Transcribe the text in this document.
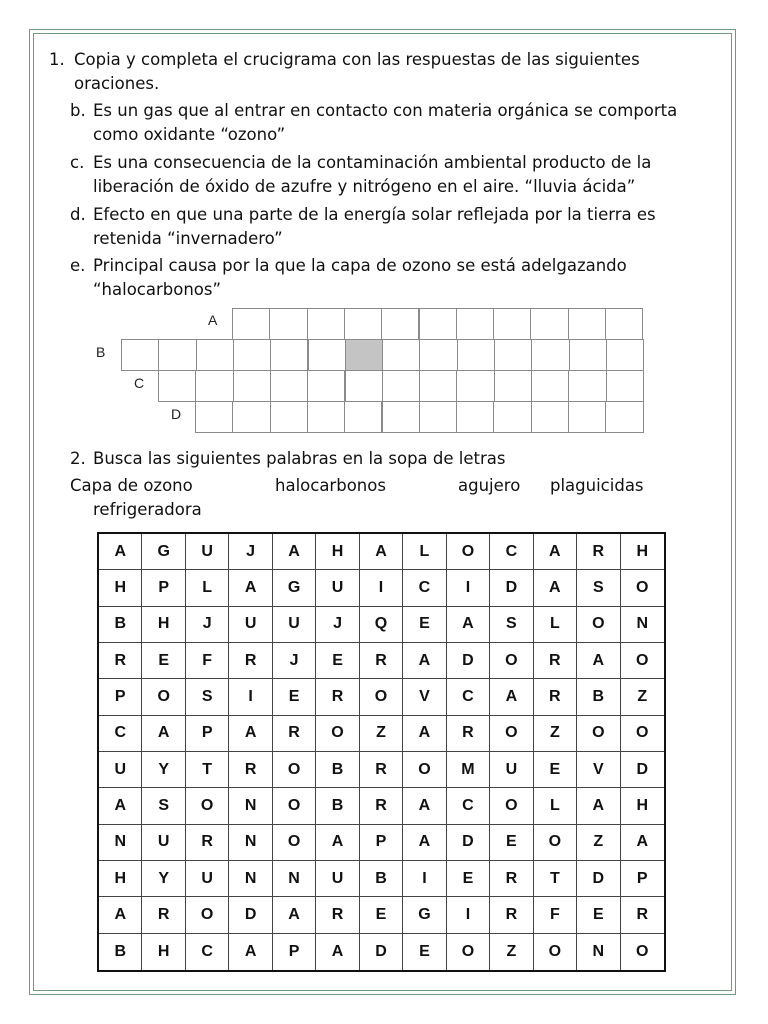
1. Copia y completa el crucigrama con las respuestas de las siguientes
oraciones.
b. Es un gas que al entrar en contacto con materia orgánica se comporta
como oxidante “ozono”
c. Es una consecuencia de la contaminación ambiental producto de la
liberación de óxido de azufre y nitrógeno en el aire. “lluvia ácida”
d. Efecto en que una parte de la energía solar reflejada por la tierra es
retenida “invernadero”
e. Principal causa por la que la capa de ozono se está adelgazando
“halocarbonos”
A
B
C
D
2. Busca las siguientes palabras en la sopa de letras
Capa de ozono	halocarbonos	agujero plaguicidas
refrigeradora
A	G	U	J	A	H	A	L	O	C	A	R	H
H	P	L	A	G	U	I	C	I	D	A	S	O
B	H	J	U	U	J	Q	E	A	S	L	O	N
R	E	F	R	J	E	R	A	D	O	R	A	O
P	O	S	I	E	R	O	V	C	A	R	B	Z
C	A	P	A	R	O	Z	A	R	O	Z	O	O
U	Y	T	R	O	B	R	O	M	U	E	V	D
A	S	O	N	O	B	R	A	C	O	L	A	H
N	U	R	N	O	A	P	A	D	E	O	Z	A
H	Y	U	N	N	U	B	I	E	R	T	D	P
A	R	O	D	A	R	E	G	I	R	F	E	R
B	H	C	A	P	A	D	E	O	Z	O	N	O
